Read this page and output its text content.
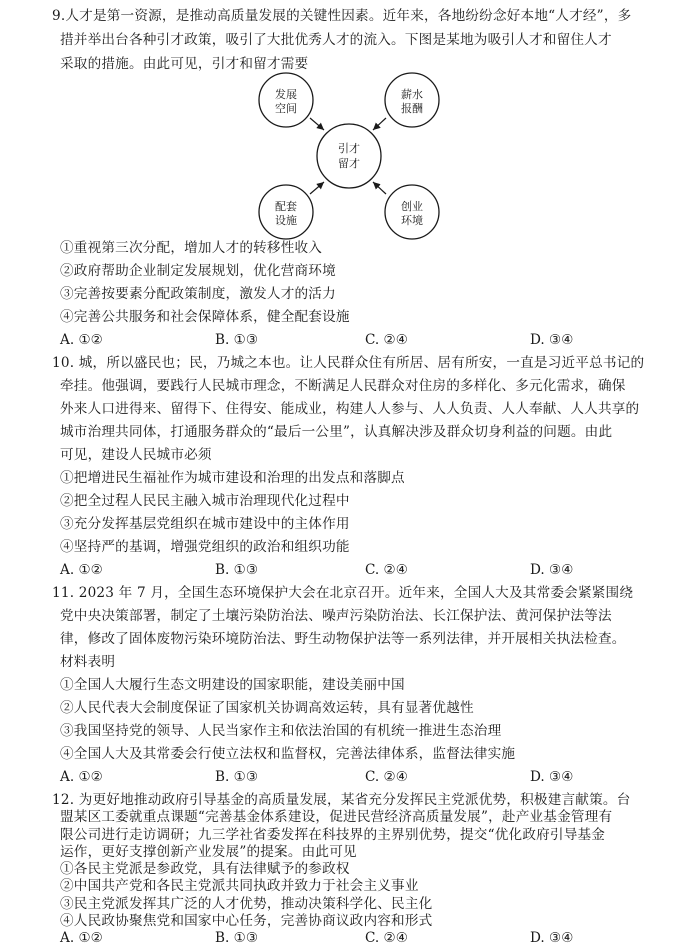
9.人才是第一资源，是推动高质量发展的关键性因素。近年来，各地纷纷念好本地“人才经”，多
措并举出台各种引才政策，吸引了大批优秀人才的流入。下图是某地为吸引人才和留住人才
采取的措施。由此可见，引才和留才需要
发展
空间
薪水
报酬
引才
留才
配套
设施
创业
环境
①重视第三次分配，增加人才的转移性收入
②政府帮助企业制定发展规划，优化营商环境
③完善按要素分配政策制度，激发人才的活力
④完善公共服务和社会保障体系，健全配套设施
A. ①②	B. ①③	C. ②④	D. ③④
10. 城，所以盛民也；民，乃城之本也。让人民群众住有所居、居有所安，一直是习近平总书记的
牵挂。他强调，要践行人民城市理念，不断满足人民群众对住房的多样化、多元化需求，确保
外来人口进得来、留得下、住得安、能成业，构建人人参与、人人负责、人人奉献、人人共享的
城市治理共同体，打通服务群众的“最后一公里”，认真解决涉及群众切身利益的问题。由此
可见，建设人民城市必须
①把增进民生福祉作为城市建设和治理的出发点和落脚点
②把全过程人民民主融入城市治理现代化过程中
③充分发挥基层党组织在城市建设中的主体作用
④坚持严的基调，增强党组织的政治和组织功能
A. ①②	B. ①③	C. ②④	D. ③④
11. 2023 年 7 月，全国生态环境保护大会在北京召开。近年来，全国人大及其常委会紧紧围绕
党中央决策部署，制定了土壤污染防治法、噪声污染防治法、长江保护法、黄河保护法等法
律，修改了固体废物污染环境防治法、野生动物保护法等一系列法律，并开展相关执法检查。
材料表明
①全国人大履行生态文明建设的国家职能，建设美丽中国
②人民代表大会制度保证了国家机关协调高效运转，具有显著优越性
③我国坚持党的领导、人民当家作主和依法治国的有机统一推进生态治理
④全国人大及其常委会行使立法权和监督权，完善法律体系，监督法律实施
A. ①②	B. ①③	C. ②④	D. ③④
12. 为更好地推动政府引导基金的高质量发展，某省充分发挥民主党派优势，积极建言献策。台
盟某区工委就重点课题“完善基金体系建设，促进民营经济高质量发展”，赴产业基金管理有
限公司进行走访调研；九三学社省委发挥在科技界的主界别优势，提交“优化政府引导基金
运作，更好支撑创新产业发展”的提案。由此可见
①各民主党派是参政党，具有法律赋予的参政权
②中国共产党和各民主党派共同执政并致力于社会主义事业
③民主党派发挥其广泛的人才优势，推动决策科学化、民主化
④人民政协聚焦党和国家中心任务，完善协商议政内容和形式
A. ①②	B. ①③	C. ②④	D. ③④
